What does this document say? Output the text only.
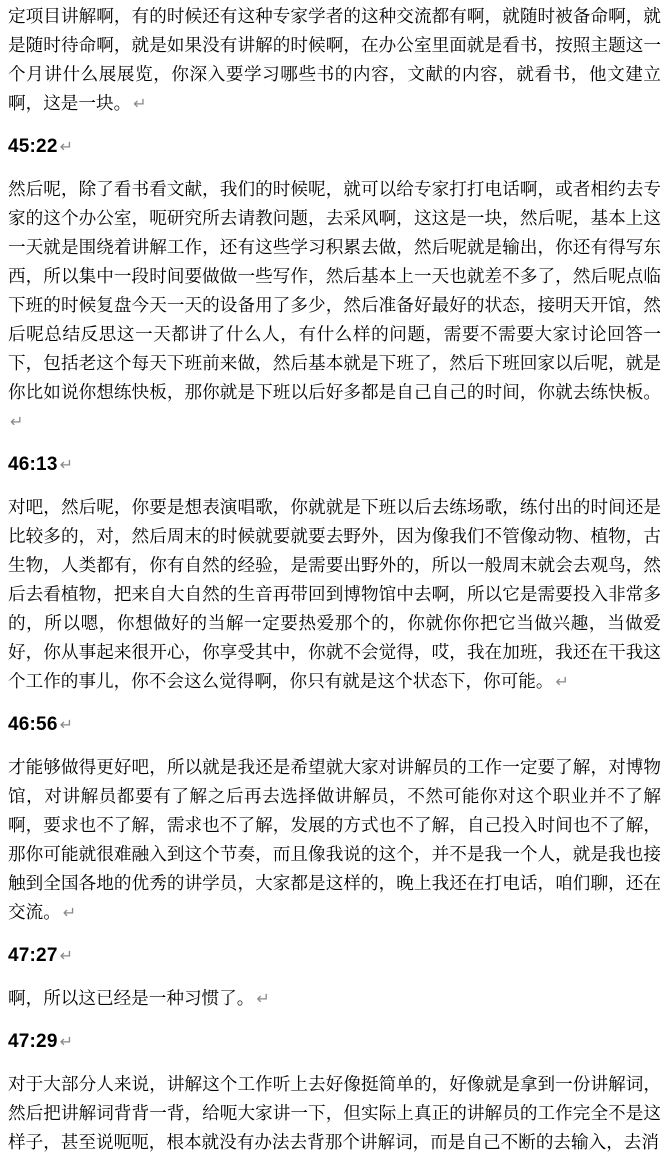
定项目讲解啊，有的时候还有这种专家学者的这种交流都有啊，就随时被备命啊，就是随时待命啊，就是如果没有讲解的时候啊，在办公室里面就是看书，按照主题这一个月讲什么展展览，你深入要学习哪些书的内容，文献的内容，就看书，他文建立啊，这是一块。 ↵

45:22 ↵

然后呢，除了看书看文献，我们的时候呢，就可以给专家打打电话啊，或者相约去专家的这个办公室，呃研究所去请教问题，去采风啊，这这是一块，然后呢，基本上这一天就是围绕着讲解工作，还有这些学习积累去做，然后呢就是输出，你还有得写东西，所以集中一段时间要做做一些写作，然后基本上一天也就差不多了，然后呢点临下班的时候复盘今天一天的设备用了多少，然后准备好最好的状态，接明天开馆，然后呢总结反思这一天都讲了什么人，有什么样的问题，需要不需要大家讨论回答一下，包括老这个每天下班前来做，然后基本就是下班了，然后下班回家以后呢，就是你比如说你想练快板，那你就是下班以后好多都是自己自己的时间，你就去练快板。↵

46:13 ↵

对吧，然后呢，你要是想表演唱歌，你就就是下班以后去练场歌，练付出的时间还是比较多的，对，然后周末的时候就要就要去野外，因为像我们不管像动物、植物，古生物，人类都有，你有自然的经验，是需要出野外的，所以一般周末就会去观鸟，然后去看植物，把来自大自然的生音再带回到博物馆中去啊，所以它是需要投入非常多的，所以嗯，你想做好的当解一定要热爱那个的，你就你你把它当做兴趣，当做爱好，你从事起来很开心，你享受其中，你就不会觉得，哎，我在加班，我还在干我这个工作的事儿，你不会这么觉得啊，你只有就是这个状态下，你可能。 ↵

46:56 ↵

才能够做得更好吧，所以就是我还是希望就大家对讲解员的工作一定要了解，对博物馆，对讲解员都要有了解之后再去选择做讲解员，不然可能你对这个职业并不了解啊，要求也不了解，需求也不了解，发展的方式也不了解，自己投入时间也不了解，那你可能就很难融入到这个节奏，而且像我说的这个，并不是我一个人，就是我也接触到全国各地的优秀的讲学员，大家都是这样的，晚上我还在打电话，咱们聊，还在交流。 ↵

47:27 ↵

啊，所以这已经是一种习惯了。 ↵

47:29 ↵

对于大部分人来说，讲解这个工作听上去好像挺简单的，好像就是拿到一份讲解词，然后把讲解词背背一背，给呃大家讲一下，但实际上真正的讲解员的工作完全不是这样子，甚至说呃呃，根本就没有办法去背那个讲解词，而是自己不断的去输入，去消
